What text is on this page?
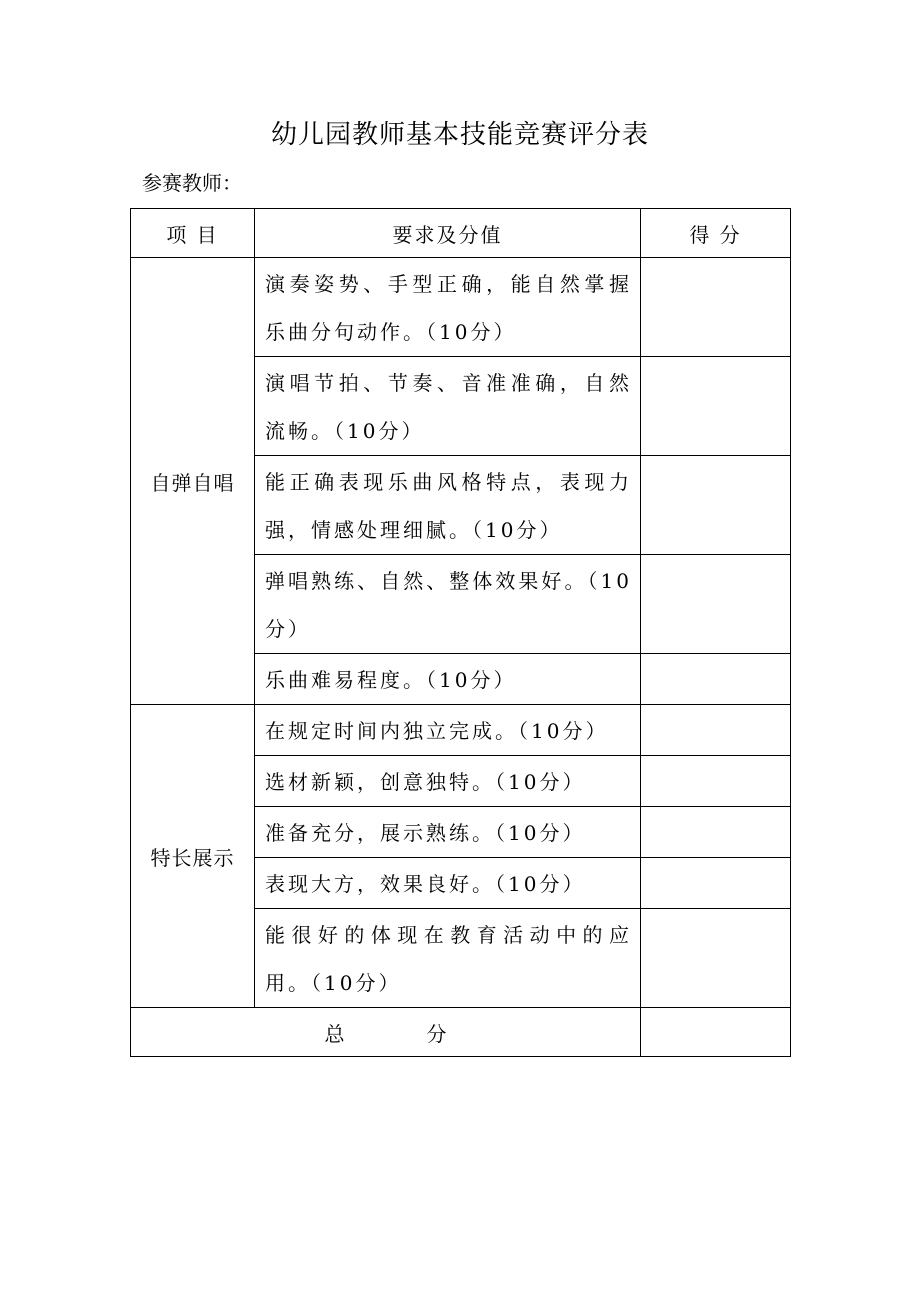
幼儿园教师基本技能竞赛评分表
参赛教师：
项 目	要求及分值	得 分
自弹自唱	演奏姿势、手型正确，能自然掌握乐曲分句动作。（10分）	
	演唱节拍、节奏、音准准确，自然流畅。（10分）	
	能正确表现乐曲风格特点，表现力强，情感处理细腻。（10分）	
	弹唱熟练、自然、整体效果好。（10分）	
	乐曲难易程度。（10分）	
特长展示	在规定时间内独立完成。（10分）	
	选材新颖，创意独特。（10分）	
	准备充分，展示熟练。（10分）	
	表现大方，效果良好。（10分）	
	能很好的体现在教育活动中的应用。（10分）	
总 分		
